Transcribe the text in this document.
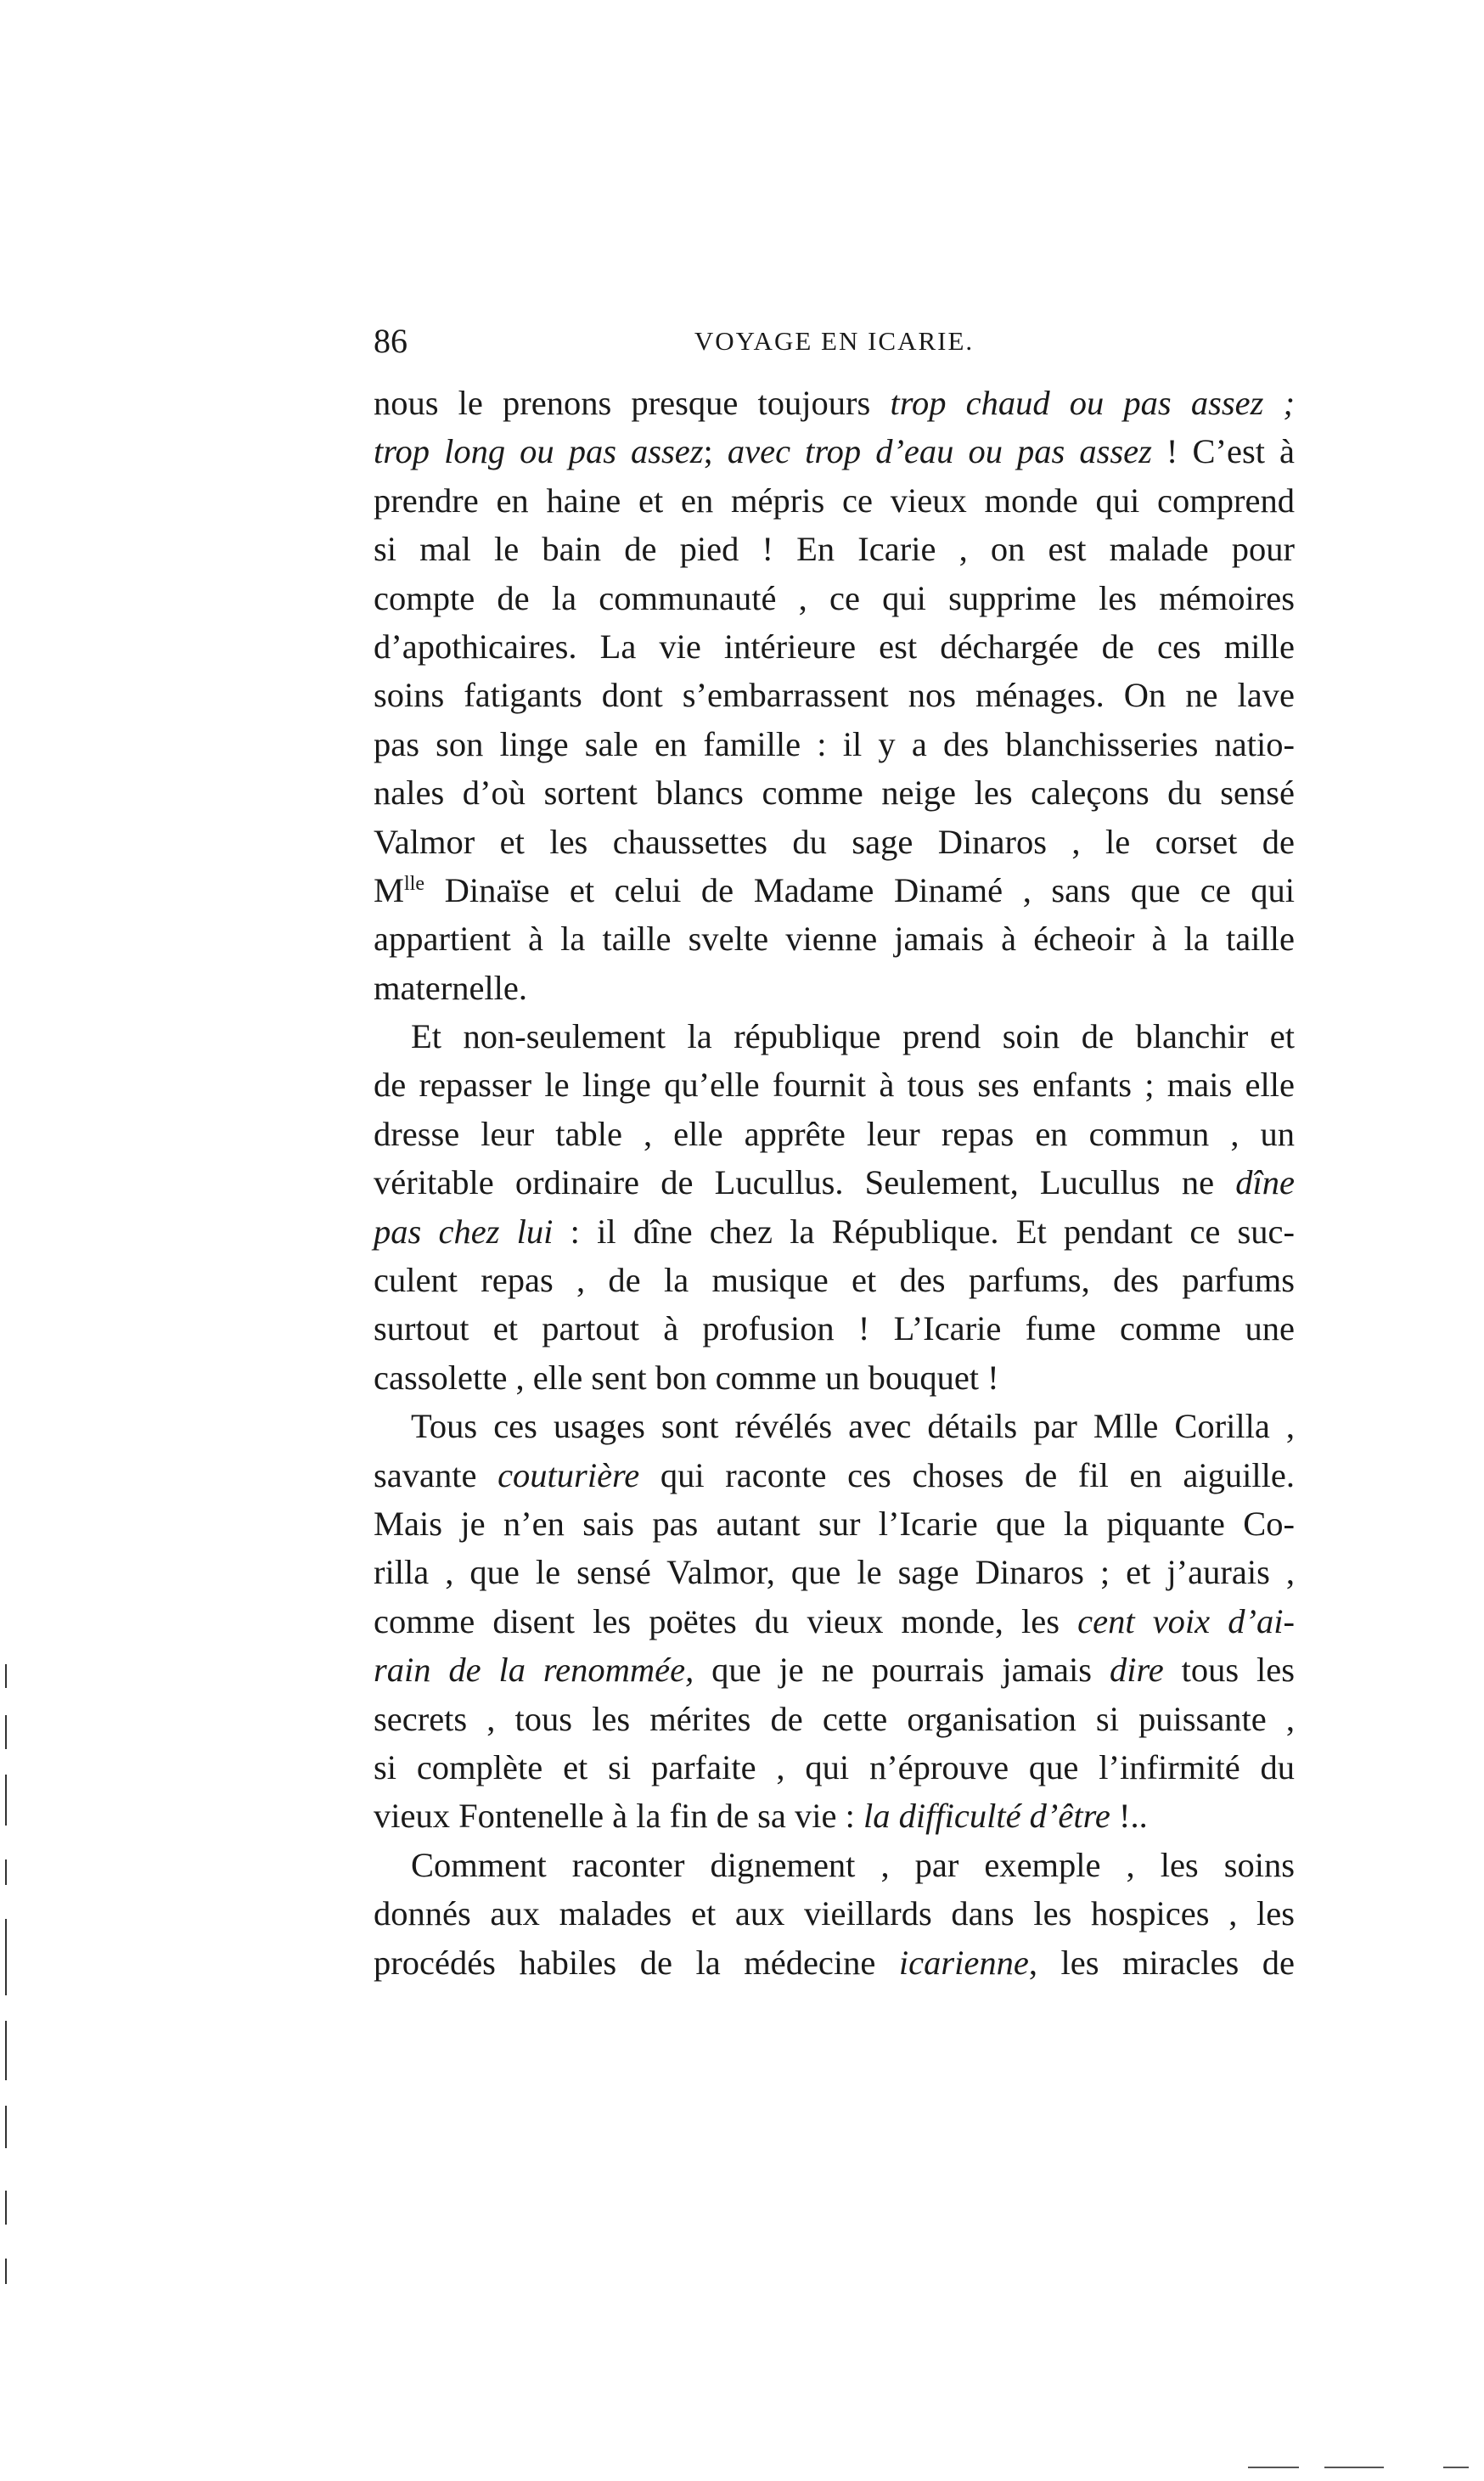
86	VOYAGE EN ICARIE.
nous le prenons presque toujours trop chaud ou pas assez ;
trop long ou pas assez; avec trop d’eau ou pas assez ! C’est à
prendre en haine et en mépris ce vieux monde qui comprend
si mal le bain de pied ! En Icarie , on est malade pour
compte de la communauté , ce qui supprime les mémoires
d’apothicaires. La vie intérieure est déchargée de ces mille
soins fatigants dont s’embarrassent nos ménages. On ne lave
pas son linge sale en famille : il y a des blanchisseries natio-
nales d’où sortent blancs comme neige les caleçons du sensé
Valmor et les chaussettes du sage Dinaros , le corset de
$M^{lle}$ Dinaïse et celui de Madame Dinamé , sans que ce qui
appartient à la taille svelte vienne jamais à écheoir à la taille
maternelle.
Et non-seulement la république prend soin de blanchir et
de repasser le linge qu’elle fournit à tous ses enfants ; mais elle
dresse leur table , elle apprête leur repas en commun , un
véritable ordinaire de Lucullus. Seulement, Lucullus ne dîne
pas chez lui : il dîne chez la République. Et pendant ce suc-
culent repas , de la musique et des parfums, des parfums
surtout et partout à profusion ! L’Icarie fume comme une
cassolette , elle sent bon comme un bouquet !
Tous ces usages sont révélés avec détails par Mlle Corilla ,
savante couturière qui raconte ces choses de fil en aiguille.
Mais je n’en sais pas autant sur l’Icarie que la piquante Co-
rilla , que le sensé Valmor, que le sage Dinaros ; et j’aurais ,
comme disent les poëtes du vieux monde, les cent voix d’ai-
rain de la renommée, que je ne pourrais jamais dire tous les
secrets , tous les mérites de cette organisation si puissante ,
si complète et si parfaite , qui n’éprouve que l’infirmité du
vieux Fontenelle à la fin de sa vie : la difficulté d’être !..
Comment raconter dignement , par exemple , les soins
donnés aux malades et aux vieillards dans les hospices , les
procédés habiles de la médecine icarienne, les miracles de
